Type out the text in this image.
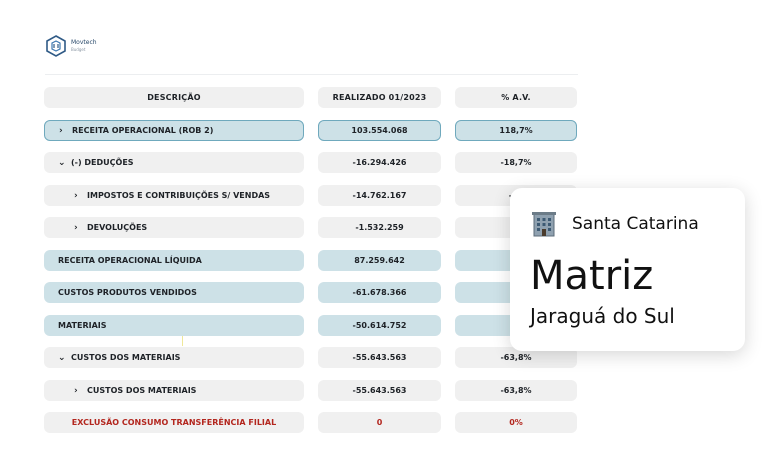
Movtech
Budget
DESCRIÇÃO	REALIZADO 01/2023	% A.V.
›	RECEITA OPERACIONAL (ROB 2)	103.554.068	118,7%
⌄ (-) DEDUÇÕES	-16.294.426	-18,7%
›	IMPOSTOS E CONTRIBUIÇÕES S/ VENDAS	-14.762.167
›	DEVOLUÇÕES	-1.532.259
RECEITA OPERACIONAL LÍQUIDA	87.259.642
CUSTOS PRODUTOS VENDIDOS	-61.678.366
MATERIAIS	-50.614.752
⌄ CUSTOS DOS MATERIAIS	-55.643.563	-63,8%
›	CUSTOS DOS MATERIAIS	-55.643.563	-63,8%
EXCLUSÃO CONSUMO TRANSFERÊNCIA FILIAL	0	0%
Santa Catarina
Matriz
Jaraguá do Sul
